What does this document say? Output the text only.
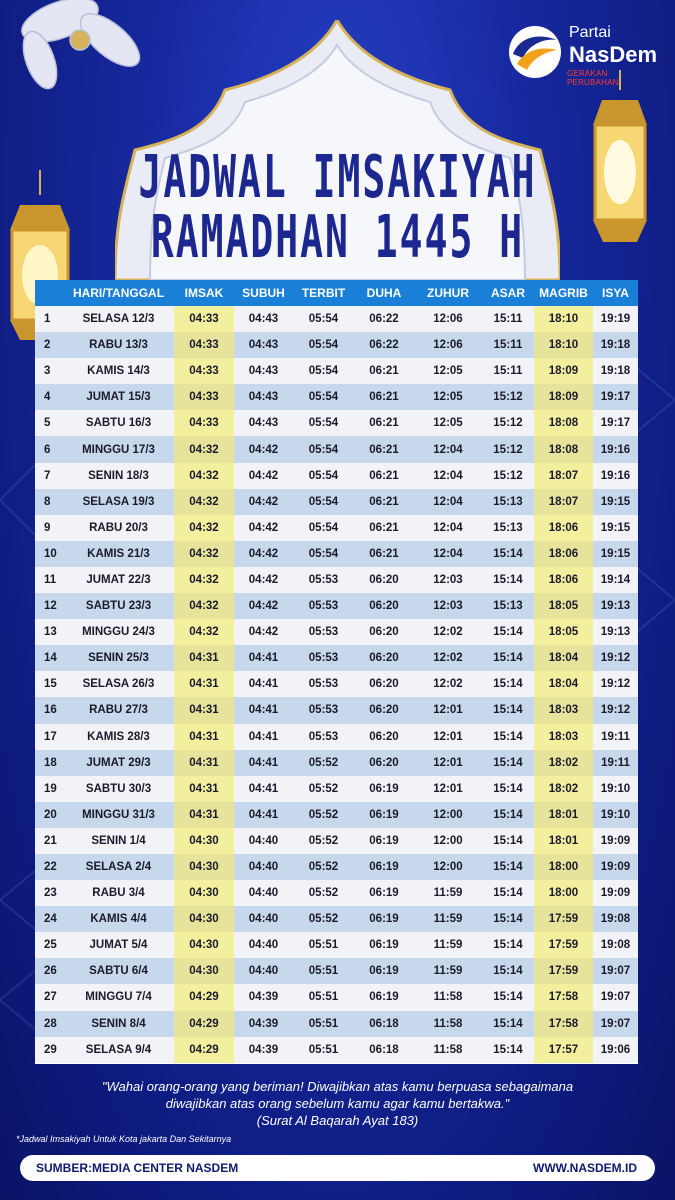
Partai
NasDem
GERAKAN PERUBAHAN
JADWAL IMSAKIYAH
RAMADHAN 1445 H
	HARI/TANGGAL	IMSAK	SUBUH	TERBIT	DUHA	ZUHUR	ASAR	MAGRIB	ISYA
1	SELASA 12/3	04:33	04:43	05:54	06:22	12:06	15:11	18:10	19:19
2	RABU 13/3	04:33	04:43	05:54	06:22	12:06	15:11	18:10	19:18
3	KAMIS 14/3	04:33	04:43	05:54	06:21	12:05	15:11	18:09	19:18
4	JUMAT 15/3	04:33	04:43	05:54	06:21	12:05	15:12	18:09	19:17
5	SABTU 16/3	04:33	04:43	05:54	06:21	12:05	15:12	18:08	19:17
6	MINGGU 17/3	04:32	04:42	05:54	06:21	12:04	15:12	18:08	19:16
7	SENIN 18/3	04:32	04:42	05:54	06:21	12:04	15:12	18:07	19:16
8	SELASA 19/3	04:32	04:42	05:54	06:21	12:04	15:13	18:07	19:15
9	RABU 20/3	04:32	04:42	05:54	06:21	12:04	15:13	18:06	19:15
10	KAMIS 21/3	04:32	04:42	05:54	06:21	12:04	15:14	18:06	19:15
11	JUMAT 22/3	04:32	04:42	05:53	06:20	12:03	15:14	18:06	19:14
12	SABTU 23/3	04:32	04:42	05:53	06:20	12:03	15:13	18:05	19:13
13	MINGGU 24/3	04:32	04:42	05:53	06:20	12:02	15:14	18:05	19:13
14	SENIN 25/3	04:31	04:41	05:53	06:20	12:02	15:14	18:04	19:12
15	SELASA 26/3	04:31	04:41	05:53	06:20	12:02	15:14	18:04	19:12
16	RABU 27/3	04:31	04:41	05:53	06:20	12:01	15:14	18:03	19:12
17	KAMIS 28/3	04:31	04:41	05:53	06:20	12:01	15:14	18:03	19:11
18	JUMAT 29/3	04:31	04:41	05:52	06:20	12:01	15:14	18:02	19:11
19	SABTU 30/3	04:31	04:41	05:52	06:19	12:01	15:14	18:02	19:10
20	MINGGU 31/3	04:31	04:41	05:52	06:19	12:00	15:14	18:01	19:10
21	SENIN 1/4	04:30	04:40	05:52	06:19	12:00	15:14	18:01	19:09
22	SELASA 2/4	04:30	04:40	05:52	06:19	12:00	15:14	18:00	19:09
23	RABU 3/4	04:30	04:40	05:52	06:19	11:59	15:14	18:00	19:09
24	KAMIS 4/4	04:30	04:40	05:52	06:19	11:59	15:14	17:59	19:08
25	JUMAT 5/4	04:30	04:40	05:51	06:19	11:59	15:14	17:59	19:08
26	SABTU 6/4	04:30	04:40	05:51	06:19	11:59	15:14	17:59	19:07
27	MINGGU 7/4	04:29	04:39	05:51	06:19	11:58	15:14	17:58	19:07
28	SENIN 8/4	04:29	04:39	05:51	06:18	11:58	15:14	17:58	19:07
29	SELASA 9/4	04:29	04:39	05:51	06:18	11:58	15:14	17:57	19:06
"Wahai orang-orang yang beriman! Diwajibkan atas kamu berpuasa sebagaimana
diwajibkan atas orang sebelum kamu agar kamu bertakwa."
(Surat Al Baqarah Ayat 183)
*Jadwal Imsakiyah Untuk Kota jakarta Dan Sekitarnya
SUMBER:MEDIA CENTER NASDEM	WWW.NASDEM.ID
